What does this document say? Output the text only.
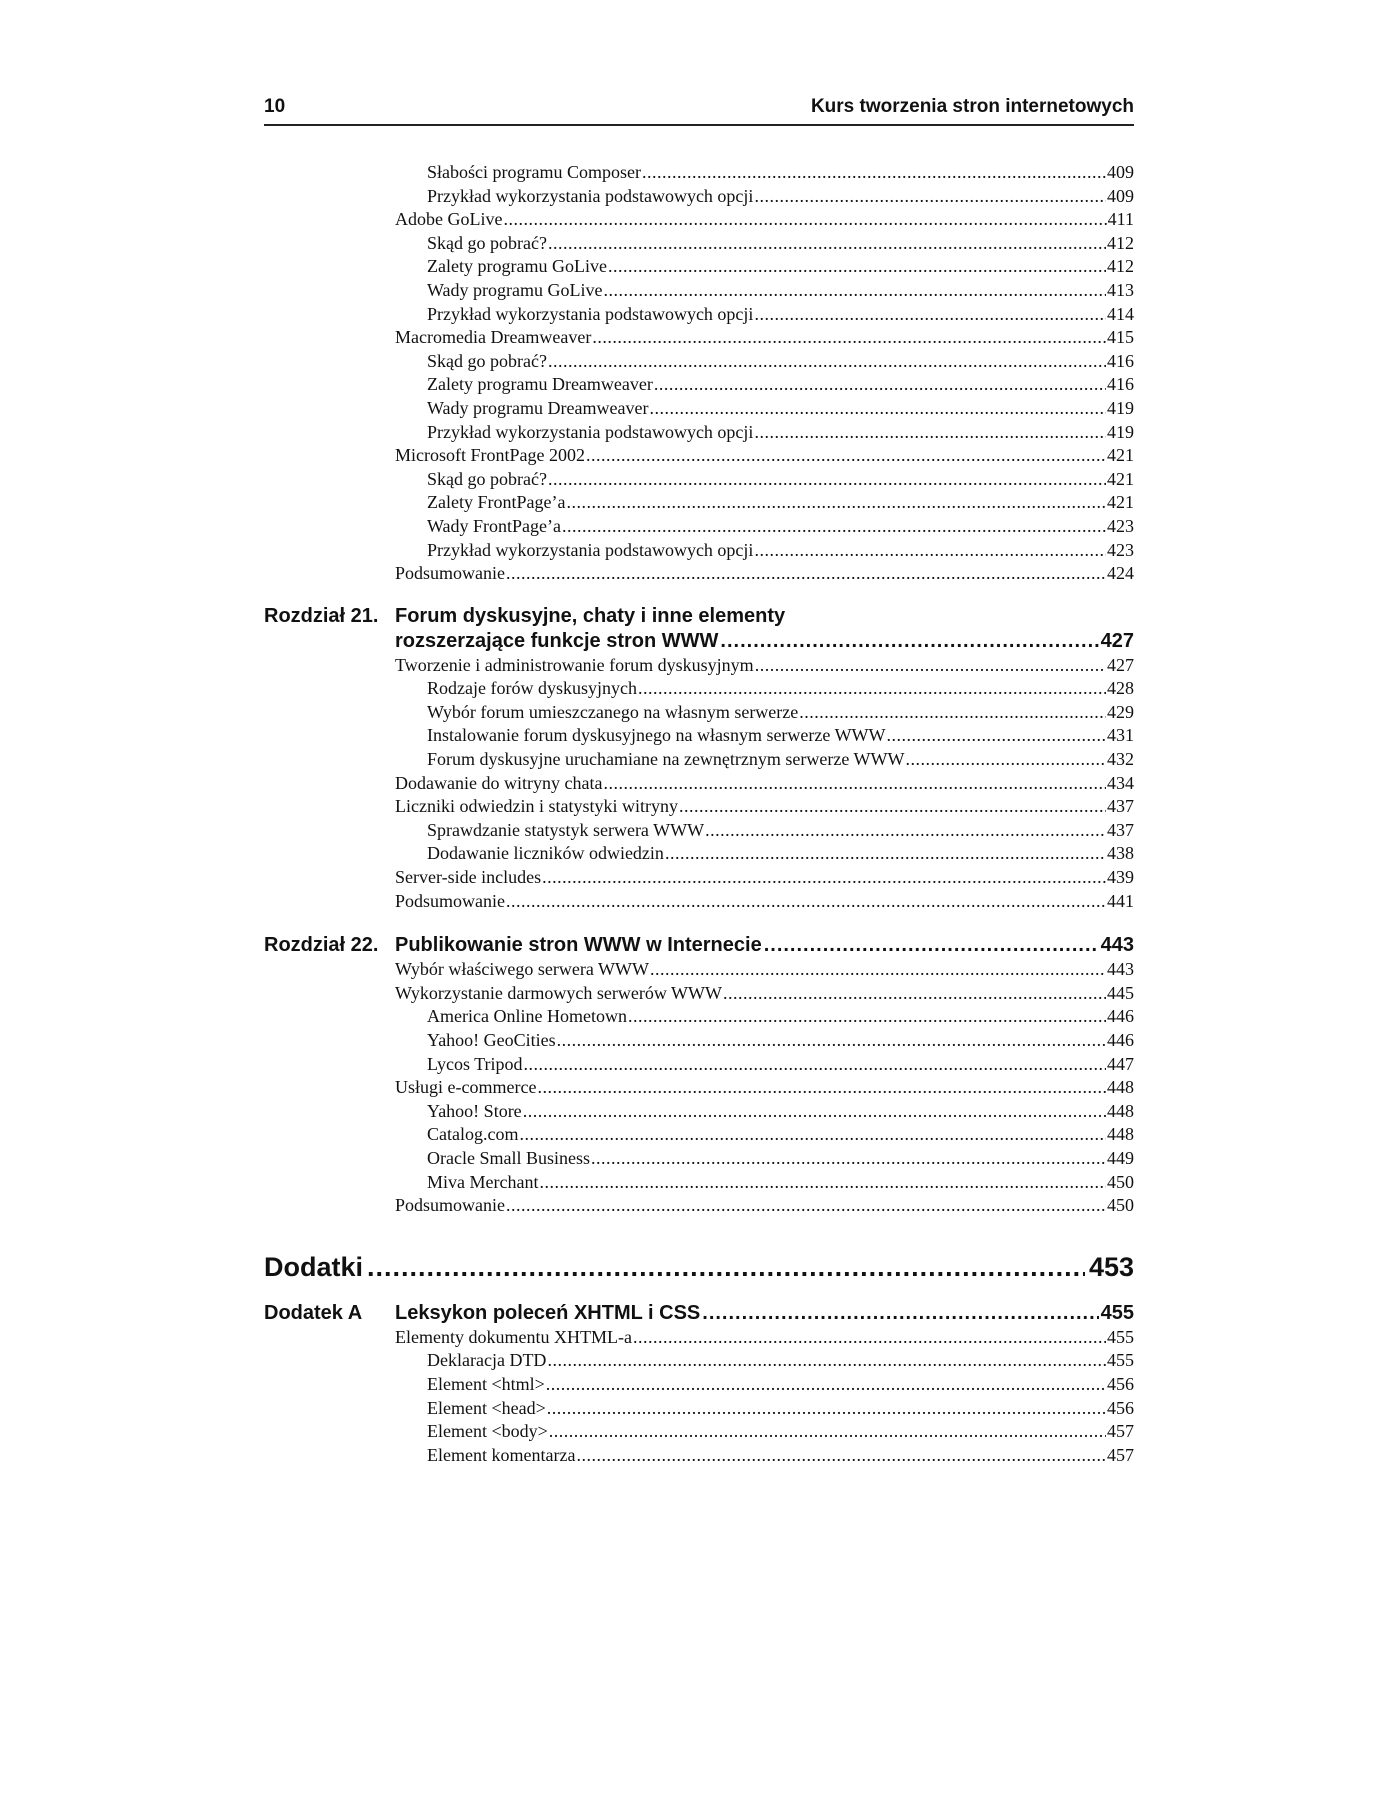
10	Kurs tworzenia stron internetowych
Słabości programu Composer .....	409
Przykład wykorzystania podstawowych opcji .....	409
Adobe GoLive .....	411
Skąd go pobrać? .....	412
Zalety programu GoLive .....	412
Wady programu GoLive .....	413
Przykład wykorzystania podstawowych opcji .....	414
Macromedia Dreamweaver .....	415
Skąd go pobrać? .....	416
Zalety programu Dreamweaver .....	416
Wady programu Dreamweaver .....	419
Przykład wykorzystania podstawowych opcji .....	419
Microsoft FrontPage 2002 .....	421
Skąd go pobrać? .....	421
Zalety FrontPage’a .....	421
Wady FrontPage’a .....	423
Przykład wykorzystania podstawowych opcji .....	423
Podsumowanie .....	424
Rozdział 21. Forum dyskusyjne, chaty i inne elementy
rozszerzające funkcje stron WWW .....	427
Tworzenie i administrowanie forum dyskusyjnym .....	427
Rodzaje forów dyskusyjnych .....	428
Wybór forum umieszczanego na własnym serwerze .....	429
Instalowanie forum dyskusyjnego na własnym serwerze WWW .....	431
Forum dyskusyjne uruchamiane na zewnętrznym serwerze WWW .....	432
Dodawanie do witryny chata .....	434
Liczniki odwiedzin i statystyki witryny .....	437
Sprawdzanie statystyk serwera WWW .....	437
Dodawanie liczników odwiedzin .....	438
Server-side includes .....	439
Podsumowanie .....	441
Rozdział 22. Publikowanie stron WWW w Internecie .....	443
Wybór właściwego serwera WWW .....	443
Wykorzystanie darmowych serwerów WWW .....	445
America Online Hometown .....	446
Yahoo! GeoCities .....	446
Lycos Tripod .....	447
Usługi e-commerce .....	448
Yahoo! Store .....	448
Catalog.com .....	448
Oracle Small Business .....	449
Miva Merchant .....	450
Podsumowanie .....	450
Dodatki .....	453
Dodatek A Leksykon poleceń XHTML i CSS .....	455
Elementy dokumentu XHTML-a .....	455
Deklaracja DTD .....	455
Element <html> .....	456
Element <head> .....	456
Element <body> .....	457
Element komentarza .....	457
